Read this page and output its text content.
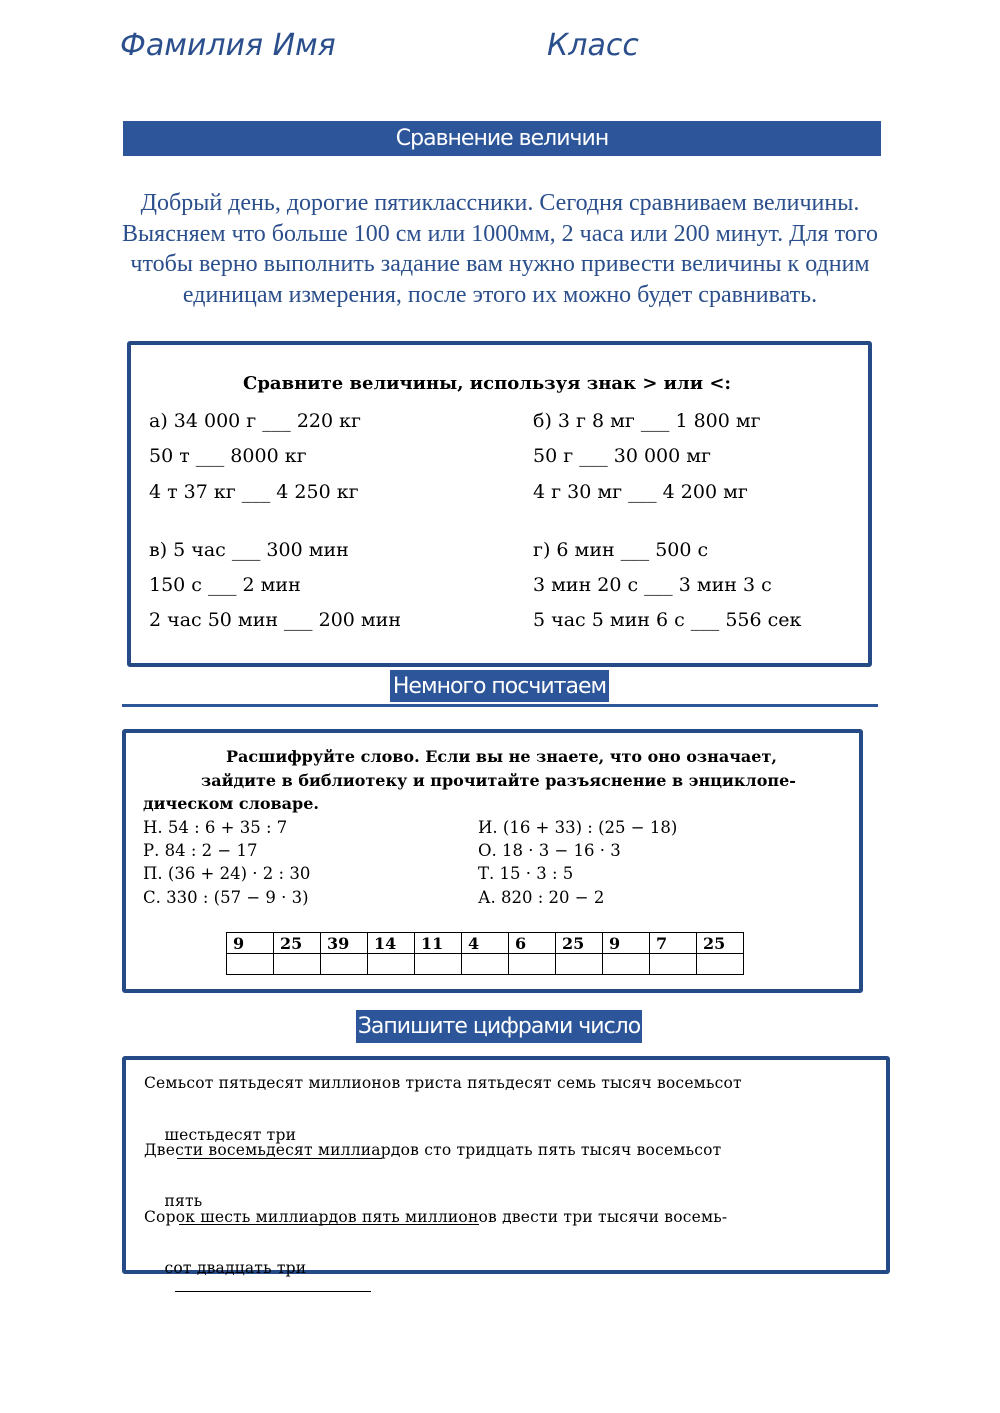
Фамилия Имя	Класс
Сравнение величин
Добрый день, дорогие пятиклассники. Сегодня сравниваем величины. Выясняем что больше 100 см или 1000мм, 2 часа или 200 минут. Для того чтобы верно выполнить задание вам нужно привести величины к одним единицам измерения, после этого их можно будет сравнивать.
Сравните величины, используя знак > или <:
а) 34 000 г ___ 220 кг
50 т ___ 8000 кг
4 т 37 кг ___ 4 250 кг
в) 5 час ___ 300 мин
150 с ___ 2 мин
2 час 50 мин ___ 200 мин
б) 3 г 8 мг ___ 1 800 мг
50 г ___ 30 000 мг
4 г 30 мг ___ 4 200 мг
г) 6 мин ___ 500 с
3 мин 20 с ___ 3 мин 3 с
5 час 5 мин 6 с ___ 556 сек
Немного посчитаем
Расшифруйте слово. Если вы не знаете, что оно означает,
зайдите в библиотеку и прочитайте разъяснение в энциклопе-
дическом словаре.
Н. 54 : 6 + 35 : 7
Р. 84 : 2 − 17
П. (36 + 24) · 2 : 30
С. 330 : (57 − 9 · 3)
И. (16 + 33) : (25 − 18)
О. 18 · 3 − 16 · 3
Т. 15 · 3 : 5
А. 820 : 20 − 2
9	25	39	14	11	4	6	25	9	7	25

Запишите цифрами число
Семьсот пятьдесят миллионов триста пятьдесят семь тысяч восемьсот

шестьдесят три

Двести восемьдесят миллиардов сто тридцать пять тысяч восемьсот

пять

Сорок шесть миллиардов пять миллионов двести три тысячи восемь-

сот двадцать три
